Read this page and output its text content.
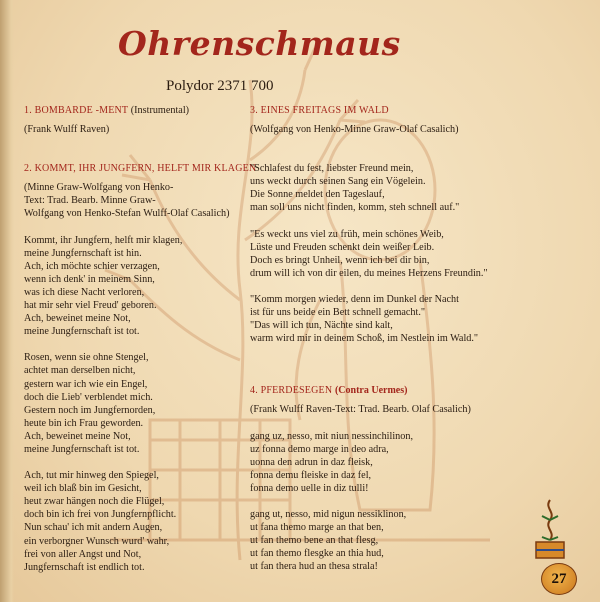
Ohrenschmaus

Polydor 2371 700

1. BOMBARDE -MENT (Instrumental)
(Frank Wulff Raven)
2. KOMMT, IHR JUNGFERN, HELFT MIR KLAGEN
(Minne Graw-Wolfgang von Henko-
Text: Trad. Bearb. Minne Graw-
Wolfgang von Henko-Stefan Wulff-Olaf Casalich)
Kommt, ihr Jungfern, helft mir klagen,
meine Jungfernschaft ist hin.
Ach, ich möchte schier verzagen,
wenn ich denk' in meinem Sinn,
was ich diese Nacht verloren,
hat mir sehr viel Freud' geboren.
Ach, beweinet meine Not,
meine Jungfernschaft ist tot.
Rosen, wenn sie ohne Stengel,
achtet man derselben nicht,
gestern war ich wie ein Engel,
doch die Lieb' verblendet mich.
Gestern noch im Jungfernorden,
heute bin ich Frau geworden.
Ach, beweinet meine Not,
meine Jungfernschaft ist tot.
Ach, tut mir hinweg den Spiegel,
weil ich blaß bin im Gesicht,
heut zwar hängen noch die Flügel,
doch bin ich frei von Jungfernpflicht.
Nun schau' ich mit andern Augen,
ein verborgner Wunsch wurd' wahr,
frei von aller Angst und Not,
Jungfernschaft ist endlich tot.
3. EINES FREITAGS IM WALD
(Wolfgang von Henko-Minne Graw-Olaf Casalich)
"Schlafest du fest, liebster Freund mein,
uns weckt durch seinen Sang ein Vögelein.
Die Sonne meldet den Tageslauf,
man soll uns nicht finden, komm, steh schnell auf."
"Es weckt uns viel zu früh, mein schönes Weib,
Lüste und Freuden schenkt dein weißer Leib.
Doch es bringt Unheil, wenn ich bei dir bin,
drum will ich von dir eilen, du meines Herzens Freundin."
"Komm morgen wieder, denn im Dunkel der Nacht
ist für uns beide ein Bett schnell gemacht."
"Das will ich tun, Nächte sind kalt,
warm wird mir in deinem Schoß, im Nestlein im Wald."
4. PFERDESEGEN (Contra Uermes)
(Frank Wulff Raven-Text: Trad. Bearb. Olaf Casalich)
gang uz, nesso, mit niun nessinchilinon,
uz fonna demo marge in deo adra,
uonna den adrun in daz fleisk,
fonna demu fleiske in daz fel,
fonna demo uelle in diz tulli!
gang ut, nesso, mid nigun nessiklinon,
ut fana themo marge an that ben,
ut fan themo bene an that flesg,
ut fan themo flesgke an thia hud,
ut fan thera hud an thesa strala!
27
